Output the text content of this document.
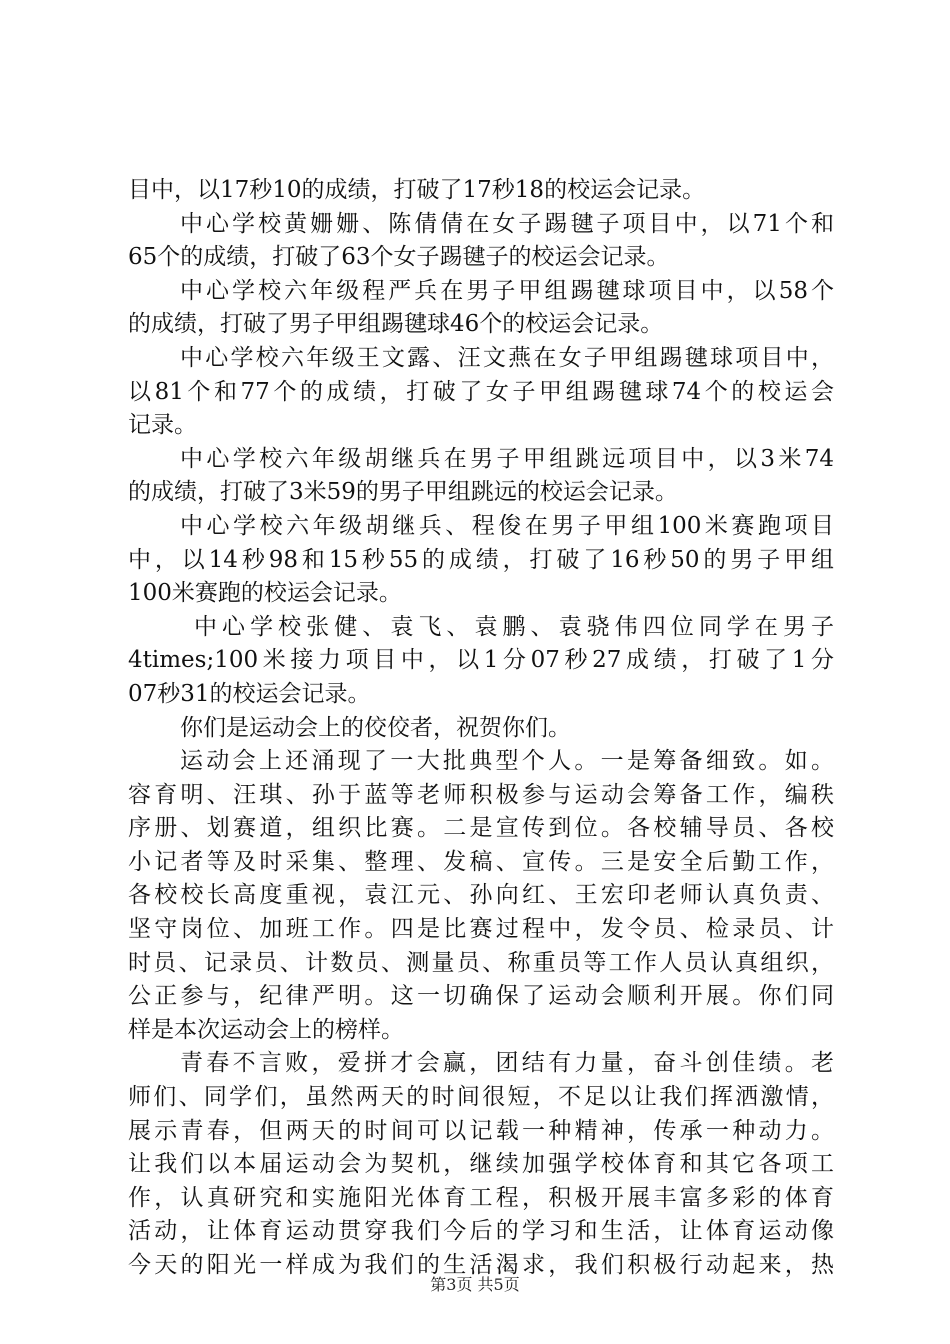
目中，以17秒10的成绩，打破了17秒18的校运会记录。
中心学校黄姗姗、陈倩倩在女子踢毽子项目中，以71个和
65个的成绩，打破了63个女子踢毽子的校运会记录。
中心学校六年级程严兵在男子甲组踢毽球项目中，以58个
的成绩，打破了男子甲组踢毽球46个的校运会记录。
中心学校六年级王文露、汪文燕在女子甲组踢毽球项目中，
以81个和77个的成绩，打破了女子甲组踢毽球74个的校运会
记录。
中心学校六年级胡继兵在男子甲组跳远项目中，以3米74
的成绩，打破了3米59的男子甲组跳远的校运会记录。
中心学校六年级胡继兵、程俊在男子甲组100米赛跑项目
中，以14秒98和15秒55的成绩，打破了16秒50的男子甲组
100米赛跑的校运会记录。
中心学校张健、袁飞、袁鹏、袁骁伟四位同学在男子
4times;100米接力项目中，以1分07秒27成绩，打破了1分
07秒31的校运会记录。
你们是运动会上的佼佼者，祝贺你们。
运动会上还涌现了一大批典型个人。一是筹备细致。如。
容育明、汪琪、孙于蓝等老师积极参与运动会筹备工作，编秩
序册、划赛道，组织比赛。二是宣传到位。各校辅导员、各校
小记者等及时采集、整理、发稿、宣传。三是安全后勤工作，
各校校长高度重视，袁江元、孙向红、王宏印老师认真负责、
坚守岗位、加班工作。四是比赛过程中，发令员、检录员、计
时员、记录员、计数员、测量员、称重员等工作人员认真组织，
公正参与，纪律严明。这一切确保了运动会顺利开展。你们同
样是本次运动会上的榜样。
青春不言败，爱拼才会赢，团结有力量，奋斗创佳绩。老
师们、同学们，虽然两天的时间很短，不足以让我们挥洒激情，
展示青春，但两天的时间可以记载一种精神，传承一种动力。
让我们以本届运动会为契机，继续加强学校体育和其它各项工
作，认真研究和实施阳光体育工程，积极开展丰富多彩的体育
活动，让体育运动贯穿我们今后的学习和生活，让体育运动像
今天的阳光一样成为我们的生活渴求，我们积极行动起来，热
第3页 共5页
